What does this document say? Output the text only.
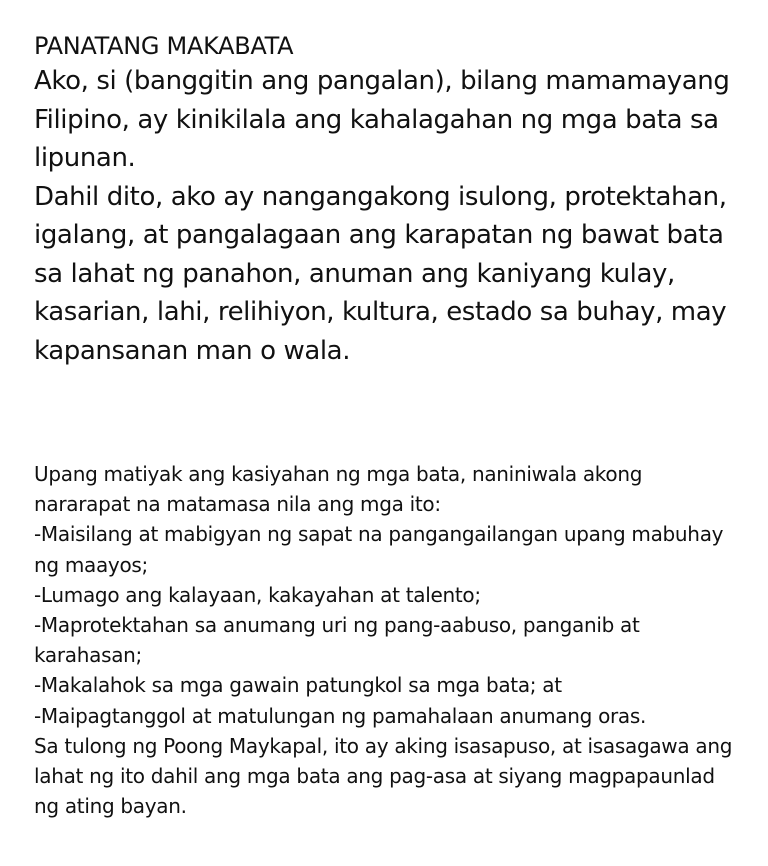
PANATANG MAKABATA

Ako, si (banggitin ang pangalan), bilang mamamayang Filipino, ay kinikilala ang kahalagahan ng mga bata sa lipunan.

Dahil dito, ako ay nangangakong isulong, protektahan, igalang, at pangalagaan ang karapatan ng bawat bata sa lahat ng panahon, anuman ang kaniyang kulay, kasarian, lahi, relihiyon, kultura, estado sa buhay, may kapansanan man o wala.

Upang matiyak ang kasiyahan ng mga bata, naniniwala akong nararapat na matamasa nila ang mga ito:

-Maisilang at mabigyan ng sapat na pangangailangan upang mabuhay ng maayos;

-Lumago ang kalayaan, kakayahan at talento;

-Maprotektahan sa anumang uri ng pang-aabuso, panganib at karahasan;

-Makalahok sa mga gawain patungkol sa mga bata; at

-Maipagtanggol at matulungan ng pamahalaan anumang oras.

Sa tulong ng Poong Maykapal, ito ay aking isasapuso, at isasagawa ang lahat ng ito dahil ang mga bata ang pag-asa at siyang magpapaunlad ng ating bayan.
